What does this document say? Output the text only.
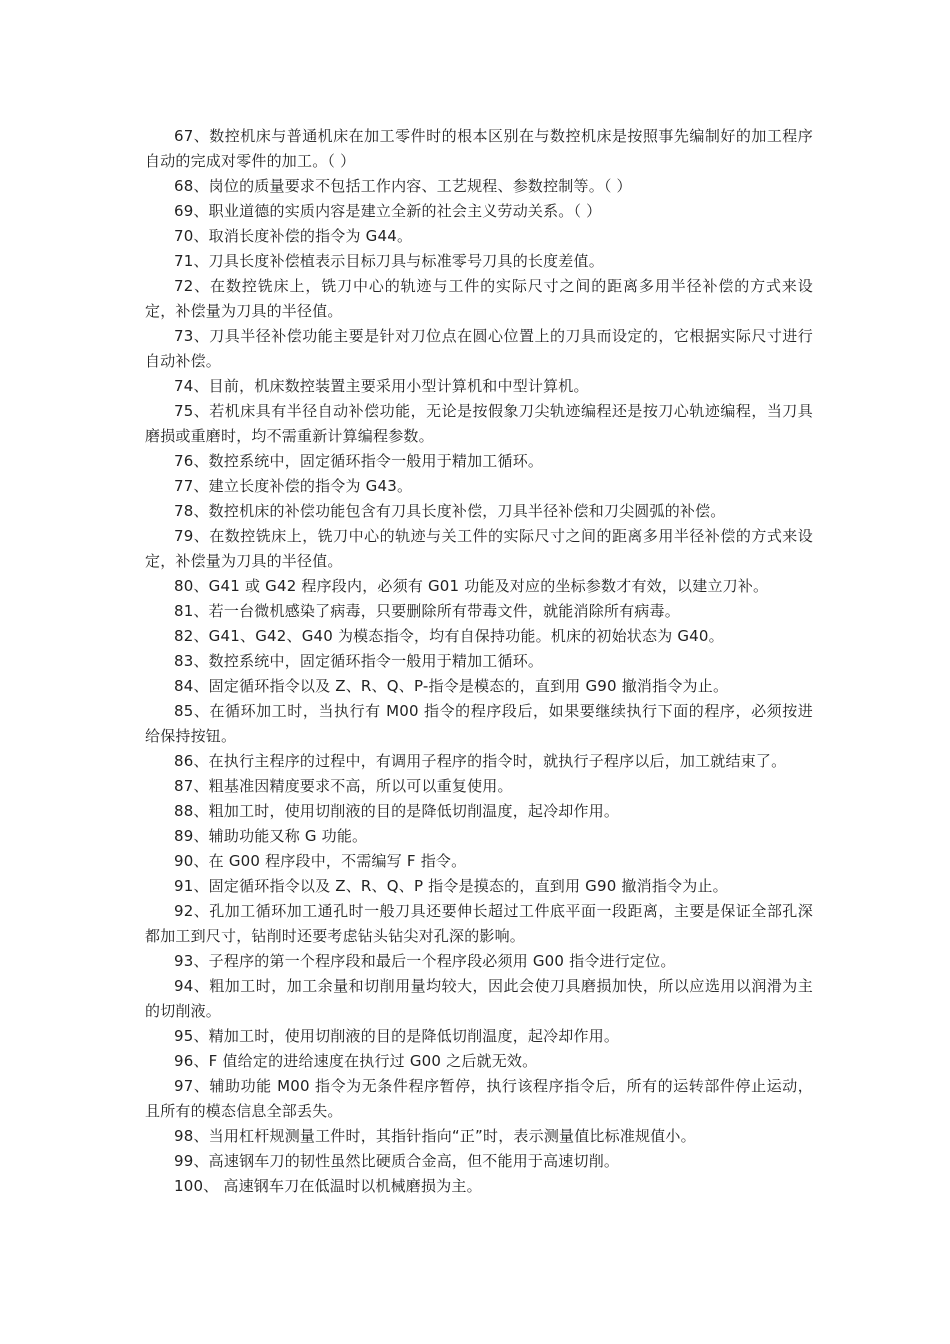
67、数控机床与普通机床在加工零件时的根本区别在与数控机床是按照事先编制好的加工程序自动的完成对零件的加工。（ ）

68、岗位的质量要求不包括工作内容、工艺规程、参数控制等。（ ）

69、职业道德的实质内容是建立全新的社会主义劳动关系。（ ）

70、取消长度补偿的指令为 G44。

71、刀具长度补偿植表示目标刀具与标准零号刀具的长度差值。

72、在数控铣床上，铣刀中心的轨迹与工件的实际尺寸之间的距离多用半径补偿的方式来设定，补偿量为刀具的半径值。

73、刀具半径补偿功能主要是针对刀位点在圆心位置上的刀具而设定的，它根据实际尺寸进行自动补偿。

74、目前，机床数控装置主要采用小型计算机和中型计算机。

75、若机床具有半径自动补偿功能，无论是按假象刀尖轨迹编程还是按刀心轨迹编程，当刀具磨损或重磨时，均不需重新计算编程参数。

76、数控系统中，固定循环指令一般用于精加工循环。

77、建立长度补偿的指令为 G43。

78、数控机床的补偿功能包含有刀具长度补偿，刀具半径补偿和刀尖圆弧的补偿。

79、在数控铣床上，铣刀中心的轨迹与关工件的实际尺寸之间的距离多用半径补偿的方式来设定，补偿量为刀具的半径值。

80、G41 或 G42 程序段内，必须有 G01 功能及对应的坐标参数才有效，以建立刀补。

81、若一台微机感染了病毒，只要删除所有带毒文件，就能消除所有病毒。

82、G41、G42、G40 为模态指令，均有自保持功能。机床的初始状态为 G40。

83、数控系统中，固定循环指令一般用于精加工循环。

84、固定循环指令以及 Z、R、Q、P-指令是模态的，直到用 G90 撤消指令为止。

85、在循环加工时，当执行有 M00 指令的程序段后，如果要继续执行下面的程序，必须按进给保持按钮。

86、在执行主程序的过程中，有调用子程序的指令时，就执行子程序以后，加工就结束了。

87、粗基准因精度要求不高，所以可以重复使用。

88、粗加工时，使用切削液的目的是降低切削温度，起冷却作用。

89、辅助功能又称 G 功能。

90、在 G00 程序段中，不需编写 F 指令。

91、固定循环指令以及 Z、R、Q、P 指令是摸态的，直到用 G90 撤消指令为止。

92、孔加工循环加工通孔时一般刀具还要伸长超过工件底平面一段距离，主要是保证全部孔深都加工到尺寸，钻削时还要考虑钻头钻尖对孔深的影响。

93、子程序的第一个程序段和最后一个程序段必须用 G00 指令进行定位。

94、粗加工时，加工余量和切削用量均较大，因此会使刀具磨损加快，所以应选用以润滑为主的切削液。

95、精加工时，使用切削液的目的是降低切削温度，起冷却作用。

96、F 值给定的进给速度在执行过 G00 之后就无效。

97、辅助功能 M00 指令为无条件程序暂停，执行该程序指令后，所有的运转部件停止运动，且所有的模态信息全部丢失。

98、当用杠杆规测量工件时，其指针指向“正”时，表示测量值比标准规值小。

99、高速钢车刀的韧性虽然比硬质合金高，但不能用于高速切削。

100、 高速钢车刀在低温时以机械磨损为主。
